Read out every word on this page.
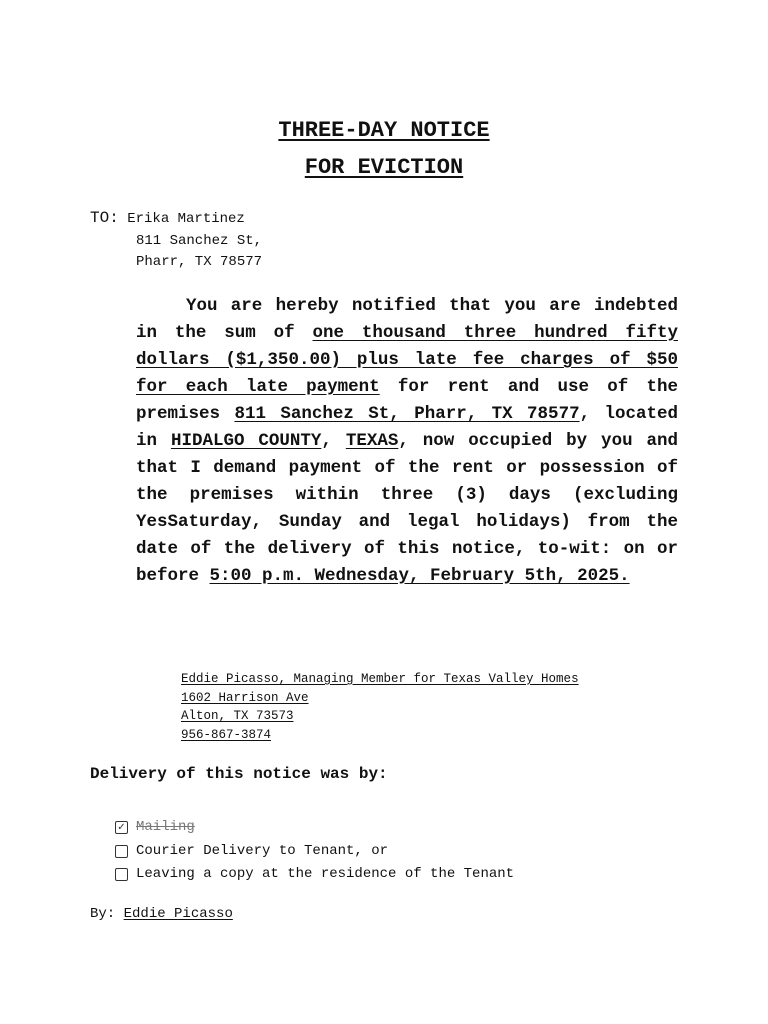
THREE-DAY NOTICE
FOR EVICTION
TO: Erika Martinez
811 Sanchez St,
Pharr, TX 78577
You are hereby notified that you are indebted in the sum of one thousand three hundred fifty dollars ($1,350.00) plus late fee charges of $50 for each late payment for rent and use of the premises 811 Sanchez St, Pharr, TX 78577, located in HIDALGO COUNTY, TEXAS, now occupied by you and that I demand payment of the rent or possession of the premises within three (3) days (excluding YesSaturday, Sunday and legal holidays) from the date of the delivery of this notice, to-wit: on or before 5:00 p.m. Wednesday, February 5th, 2025.
Eddie Picasso, Managing Member for Texas Valley Homes
1602 Harrison Ave
Alton, TX 73573
956-867-3874
Delivery of this notice was by:
✓ Mailing
Courier Delivery to Tenant, or
Leaving a copy at the residence of the Tenant
By: Eddie Picasso
